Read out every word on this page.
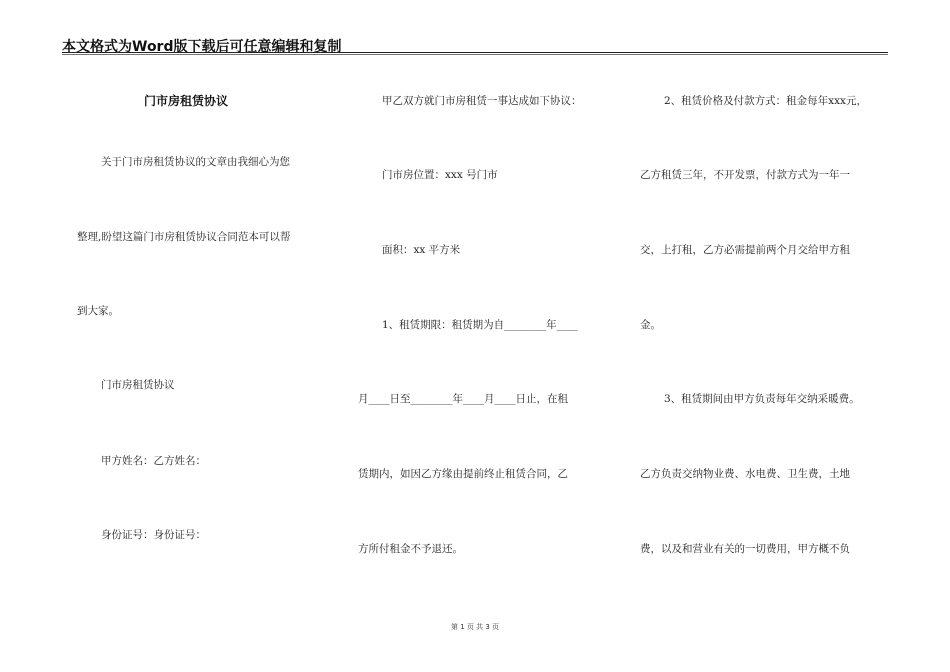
本文格式为Word版下载后可任意编辑和复制
门市房租赁协议
关于门市房租赁协议的文章由我细心为您
整理,盼望这篇门市房租赁协议合同范本可以帮
到大家。
门市房租赁协议
甲方姓名：乙方姓名：
身份证号：身份证号：
甲乙双方就门市房租赁一事达成如下协议：
门市房位置：xxx 号门市
面积：xx 平方米
1、租赁期限：租赁期为自________年____
月____日至________年____月____日止，在租
赁期内，如因乙方缘由提前终止租赁合同，乙
方所付租金不予退还。
2、租赁价格及付款方式：租金每年xxx元，
乙方租赁三年，不开发票，付款方式为一年一
交，上打租，乙方必需提前两个月交给甲方租
金。
3、租赁期间由甲方负责每年交纳采暖费。
乙方负责交纳物业费、水电费、卫生费，土地
费，以及和营业有关的一切费用，甲方概不负
第 1 页 共 3 页
